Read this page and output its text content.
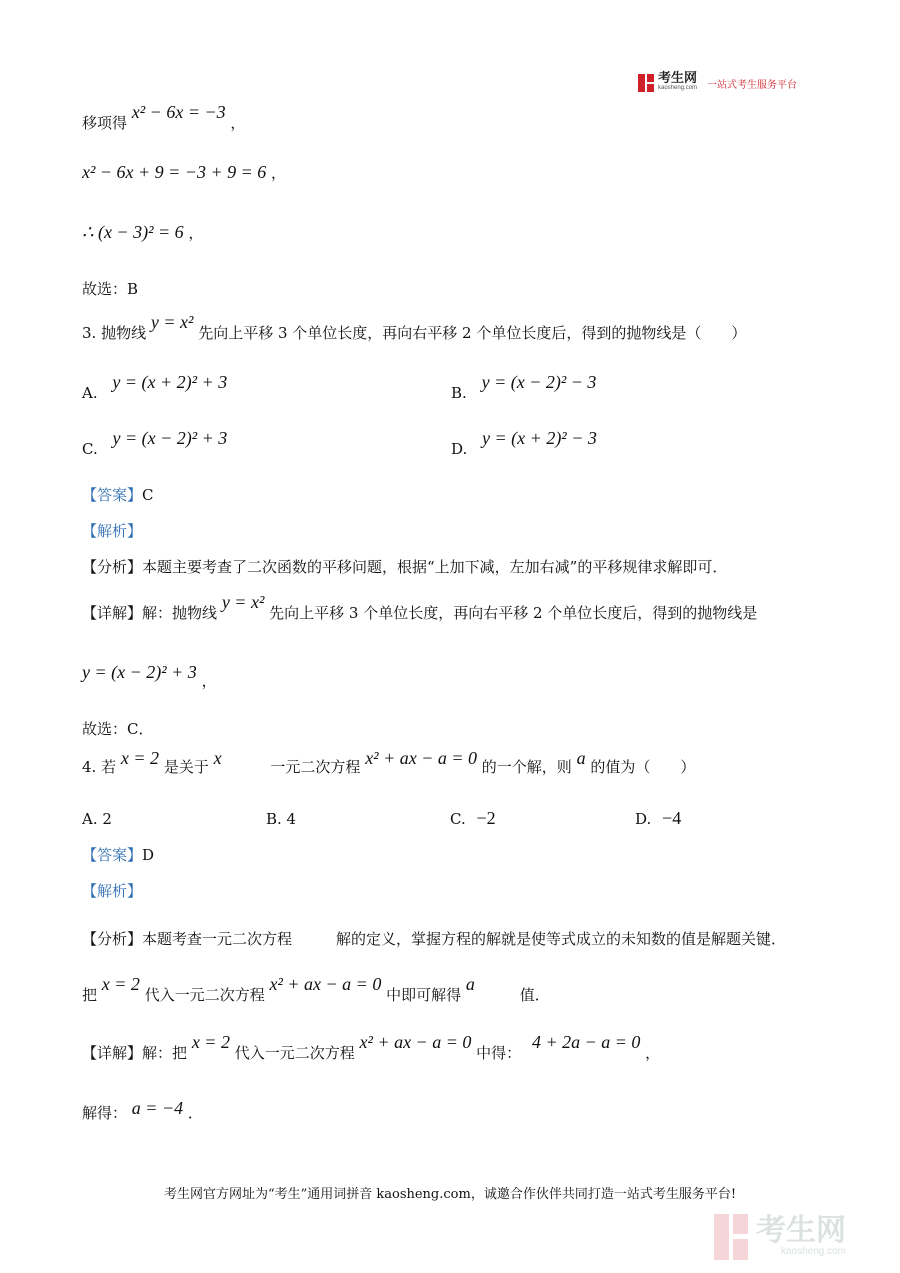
考生网
kaosheng.com 一站式考生服务平台
移项得 x² − 6x = −3 ，
x² − 6x + 9 = −3 + 9 = 6 ，
∴ (x − 3)² = 6 ，
故选：B
3. 抛物线 y = x² 先向上平移 3 个单位长度，再向右平移 2 个单位长度后，得到的抛物线是（　　）
A. y = (x + 2)² + 3
B. y = (x − 2)² − 3
C. y = (x − 2)² + 3
D. y = (x + 2)² − 3
【答案】C
【解析】
【分析】本题主要考查了二次函数的平移问题，根据“上加下减，左加右减”的平移规律求解即可．
【详解】解：抛物线 y = x² 先向上平移 3 个单位长度，再向右平移 2 个单位长度后，得到的抛物线是
y = (x − 2)² + 3 ，
故选：C．
4. 若 x = 2 是关于 x	一元二次方程 x² + ax − a = 0 的一个解，则 a 的值为（　　）
A. 2	B. 4	C. −2	D. −4
【答案】D
【解析】
【分析】本题考查一元二次方程	解的定义，掌握方程的解就是使等式成立的未知数的值是解题关键．
把 x = 2 代入一元二次方程 x² + ax − a = 0 中即可解得 a 值．
【详解】解：把 x = 2 代入一元二次方程 x² + ax − a = 0 中得： 4 + 2a − a = 0 ，
解得： a = −4 ．
考生网官方网址为“考生”通用词拼音 kaosheng.com，诚邀合作伙伴共同打造一站式考生服务平台!
考生网
kaosheng.com
